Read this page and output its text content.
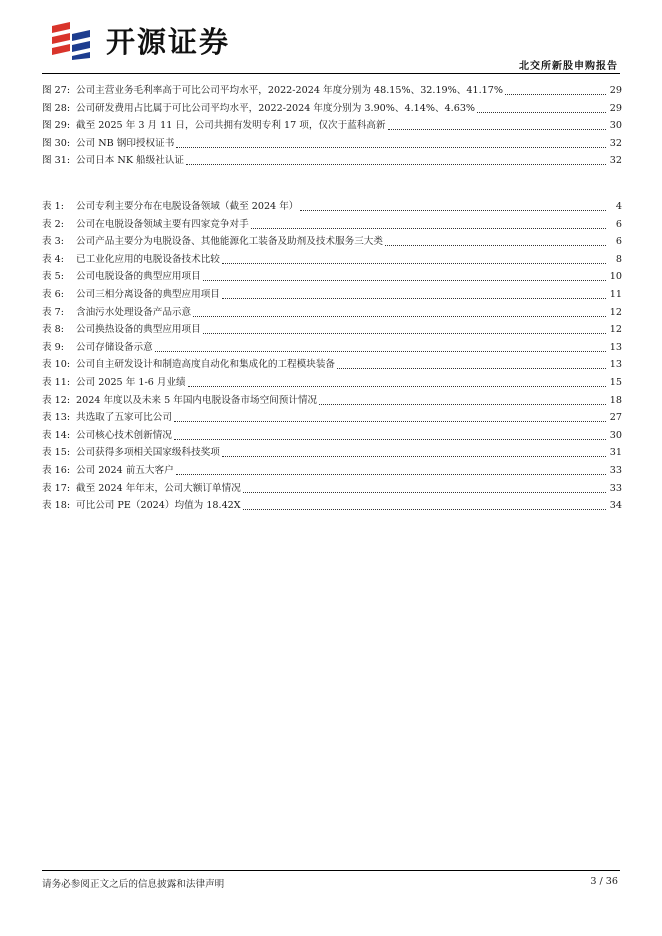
开源证券
北交所新股申购报告
图 27: 公司主营业务毛利率高于可比公司平均水平，2022-2024 年度分别为 48.15%、32.19%、41.17%	29
图 28: 公司研发费用占比属于可比公司平均水平，2022-2024 年度分别为 3.90%、4.14%、4.63%	29
图 29: 截至 2025 年 3 月 11 日，公司共拥有发明专利 17 项，仅次于蓝科高新	30
图 30: 公司 NB 钢印授权证书	32
图 31: 公司日本 NK 船级社认证	32
表 1:	公司专利主要分布在电脱设备领域（截至 2024 年）	4
表 2:	公司在电脱设备领域主要有四家竞争对手	6
表 3:	公司产品主要分为电脱设备、其他能源化工装备及助剂及技术服务三大类	6
表 4:	已工业化应用的电脱设备技术比较	8
表 5:	公司电脱设备的典型应用项目	10
表 6:	公司三相分离设备的典型应用项目	11
表 7:	含油污水处理设备产品示意	12
表 8:	公司换热设备的典型应用项目	12
表 9:	公司存储设备示意	13
表 10: 公司自主研发设计和制造高度自动化和集成化的工程模块装备	13
表 11: 公司 2025 年 1-6 月业绩	15
表 12: 2024 年度以及未来 5 年国内电脱设备市场空间预计情况	18
表 13: 共选取了五家可比公司	27
表 14: 公司核心技术创新情况	30
表 15: 公司获得多项相关国家级科技奖项	31
表 16: 公司 2024 前五大客户	33
表 17: 截至 2024 年年末，公司大额订单情况	33
表 18: 可比公司 PE（2024）均值为 18.42X	34
请务必参阅正文之后的信息披露和法律声明	3 / 36
